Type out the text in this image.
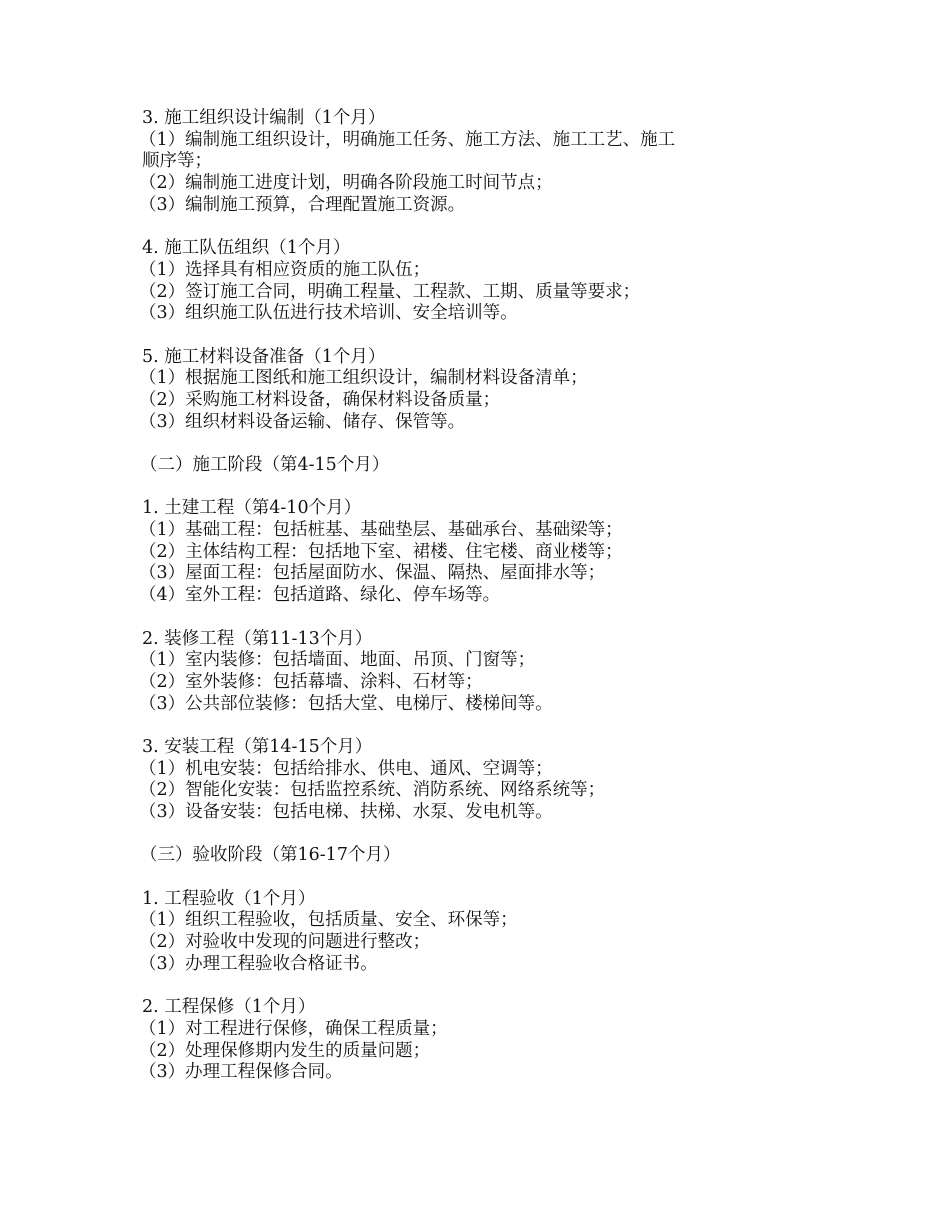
3. 施工组织设计编制（1个月）
（1）编制施工组织设计，明确施工任务、施工方法、施工工艺、施工
顺序等；
（2）编制施工进度计划，明确各阶段施工时间节点；
（3）编制施工预算，合理配置施工资源。
4. 施工队伍组织（1个月）
（1）选择具有相应资质的施工队伍；
（2）签订施工合同，明确工程量、工程款、工期、质量等要求；
（3）组织施工队伍进行技术培训、安全培训等。
5. 施工材料设备准备（1个月）
（1）根据施工图纸和施工组织设计，编制材料设备清单；
（2）采购施工材料设备，确保材料设备质量；
（3）组织材料设备运输、储存、保管等。
（二）施工阶段（第4-15个月）
1. 土建工程（第4-10个月）
（1）基础工程：包括桩基、基础垫层、基础承台、基础梁等；
（2）主体结构工程：包括地下室、裙楼、住宅楼、商业楼等；
（3）屋面工程：包括屋面防水、保温、隔热、屋面排水等；
（4）室外工程：包括道路、绿化、停车场等。
2. 装修工程（第11-13个月）
（1）室内装修：包括墙面、地面、吊顶、门窗等；
（2）室外装修：包括幕墙、涂料、石材等；
（3）公共部位装修：包括大堂、电梯厅、楼梯间等。
3. 安装工程（第14-15个月）
（1）机电安装：包括给排水、供电、通风、空调等；
（2）智能化安装：包括监控系统、消防系统、网络系统等；
（3）设备安装：包括电梯、扶梯、水泵、发电机等。
（三）验收阶段（第16-17个月）
1. 工程验收（1个月）
（1）组织工程验收，包括质量、安全、环保等；
（2）对验收中发现的问题进行整改；
（3）办理工程验收合格证书。
2. 工程保修（1个月）
（1）对工程进行保修，确保工程质量；
（2）处理保修期内发生的质量问题；
（3）办理工程保修合同。
